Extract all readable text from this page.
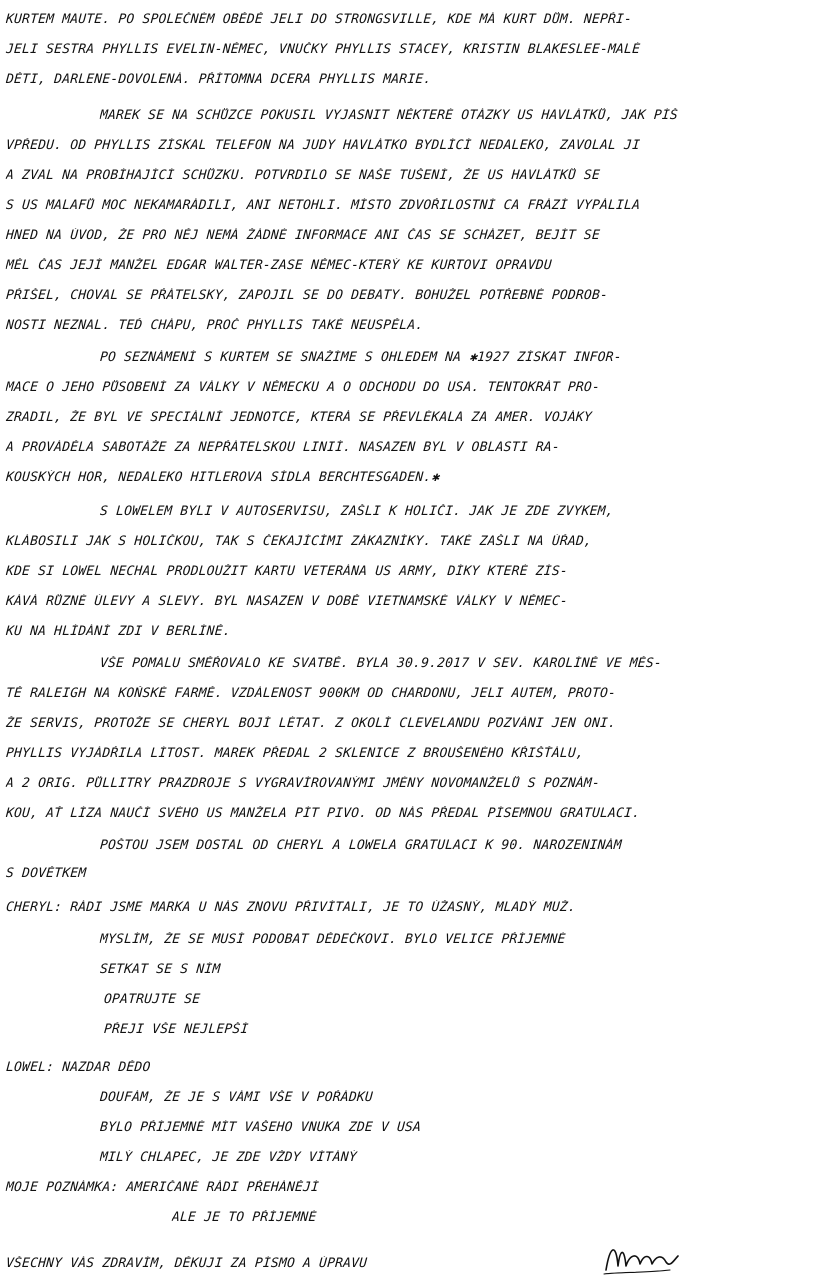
KURTEM MAUTE. PO SPOLEČNÉM OBĚDĚ JELI DO STRONGSVILLE, KDE MÁ KURT DŮM. NEPŘI-
JELI SESTRA PHYLLIS EVELIN-NĚMEC, VNUČKY PHYLLIS STACEY, KRISTIN BLAKESLEE-MALÉ
DĚTI, DARLENE-DOVOLENÁ. PŘÍTOMNA DCERA PHYLLIS MARIE.
MAREK SE NA SCHŮZCE POKUSIL VYJASNIT NĚKTERÉ OTÁZKY US HAVLÁTKŮ, JAK PÍŠ
VPŘEDU. OD PHYLLIS ZÍSKAL TELEFON NA JUDY HAVLÁTKO BYDLÍCÍ NEDALEKO, ZAVOLAL JI
A ZVAL NA PROBÍHAJÍCÍ SCHŮZKU. POTVRDILO SE NAŠE TUŠENÍ, ŽE US HAVLÁTKŮ SE
S US MALAFŮ MOC NEKAMARÁDILI, ANI NETOHLI. MÍSTO ZDVOŘILOSTNÍ CA FRÁZÍ VYPÁLILA
HNED NA ÚVOD, ŽE PRO NĚJ NEMÁ ŽÁDNÉ INFORMACE ANI ČAS SE SCHÁZET, BEJÍT SE
MĚL ČAS JEJÍ MANŽEL EDGAR WALTER-ZASE NĚMEC-KTERÝ KE KURTOVI OPRAVDU
PŘIŠEL, CHOVAL SE PŘÁTELSKY, ZAPOJIL SE DO DEBATY. BOHUŽEL POTŘEBNÉ PODROB-
NOSTI NEZNAL. TEĎ CHÁPU, PROČ PHYLLIS TAKÉ NEUSPĚLA.
PO SEZNÁMENÍ S KURTEM SE SNAŽÍME S OHLEDEM NA ✱1927 ZÍSKAT INFOR-
MACE O JEHO PŮSOBENÍ ZA VÁLKY V NĚMECKU A O ODCHODU DO USA. TENTOKRÁT PRO-
ZRADIL, ŽE BYL VE SPECIÁLNÍ JEDNOTCE, KTERÁ SE PŘEVLÉKALA ZA AMER. VOJÁKY
A PROVÁDĚLA SABOTÁŽE ZA NEPŘÁTELSKOU LINIÍ. NASAZEN BYL V OBLASTI RA-
KOUSKÝCH HOR, NEDALEKO HITLEROVA SÍDLA BERCHTESGADEN.✱
S LOWELEM BYLI V AUTOSERVISU, ZAŠLI K HOLIČI. JAK JE ZDE ZVYKEM,
KLÁBOSILI JAK S HOLIČKOU, TAK S ČEKAJÍCÍMI ZÁKAZNÍKY. TAKÉ ZAŠLI NA ÚŘAD,
KDE SI LOWEL NECHAL PRODLOUŽIT KARTU VETERÁNA US ARMY, DÍKY KTERÉ ZÍS-
KÁVÁ RŮZNÉ ÚLEVY A SLEVY. BYL NASAZEN V DOBĚ VIETNAMSKÉ VÁLKY V NĚMEC-
KU NA HLÍDÁNÍ ZDI V BERLÍNĚ.
VŠE POMALU SMĚŘOVALO KE SVATBĚ. BYLA 30.9.2017 V SEV. KAROLÍNĚ VE MĚS-
TĚ RALEIGH NA KOŇSKÉ FARMĚ. VZDÁLENOST 900KM OD CHARDONU, JELI AUTEM, PROTO-
ŽE SERVIS, PROTOŽE SE CHERYL BOJÍ LÉTAT. Z OKOLÍ CLEVELANDU POZVÁNI JEN ONI.
PHYLLIS VYJÁDŘILA LÍTOST. MAREK PŘEDAL 2 SKLENICE Z BROUŠENÉHO KŘIŠŤÁLU,
A 2 ORIG. PŮLLITRY PRAZDROJE S VYGRAVÍROVANÝMI JMÉNY NOVOMANŽELŮ S POZNÁM-
KOU, AŤ LÍZA NAUČÍ SVÉHO US MANŽELA PÍT PIVO. OD NÁS PŘEDAL PÍSEMNOU GRATULACI.
POŠTOU JSEM DOSTAL OD CHERYL A LOWELA GRATULACI K 90. NAROZENINÁM
S DOVĚTKEM
CHERYL: RÁDI JSME MARKA U NÁS ZNOVU PŘIVÍTALI, JE TO ÚŽASNÝ, MLADÝ MUŽ.
MYSLÍM, ŽE SE MUSÍ PODOBAT DĚDEČKOVI. BYLO VELICE PŘÍJEMNÉ
SETKAT SE S NÍM
OPATRUJTE SE
PŘEJI VŠE NEJLEPŠÍ
LOWEL: NAZDAR DĚDO
DOUFÁM, ŽE JE S VÁMI VŠE V POŘÁDKU
BYLO PŘÍJEMNÉ MÍT VAŠEHO VNUKA ZDE V USA
MILÝ CHLAPEC, JE ZDE VŽDY VÍTÁNÝ
MOJE POZNÁMKA: AMERIČANÉ RÁDI PŘEHÁNĚJÍ
ALE JE TO PŘÍJEMNÉ
VŠECHNY VÁS ZDRAVÍM, DĚKUJI ZA PÍSMO A ÚPRAVU
